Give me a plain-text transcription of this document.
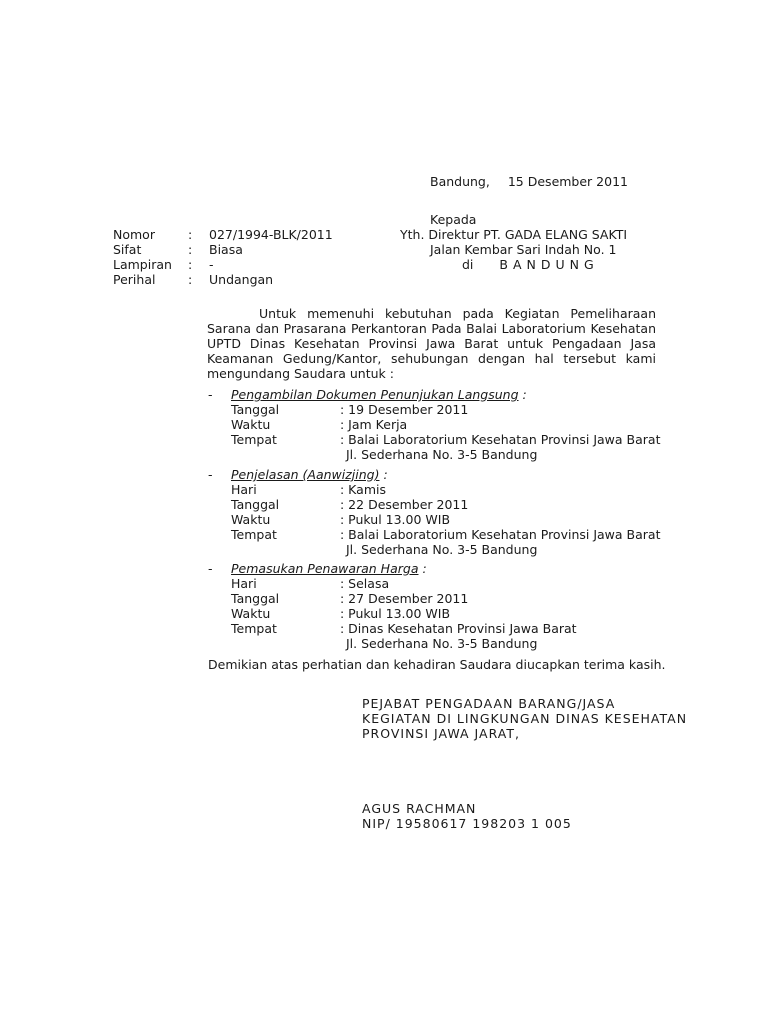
Bandung, 15 Desember 2011
Kepada
Yth. Direktur PT. GADA ELANG SAKTI
Jalan Kembar Sari Indah No. 1
di BANDUNG
Nomor	:	027/1994-BLK/2011
Sifat	:	Biasa
Lampiran	:	-
Perihal	:	Undangan
Untuk memenuhi kebutuhan pada Kegiatan Pemeliharaan Sarana dan Prasarana Perkantoran Pada Balai Laboratorium Kesehatan UPTD Dinas Kesehatan Provinsi Jawa Barat untuk Pengadaan Jasa Keamanan Gedung/Kantor, sehubungan dengan hal tersebut kami mengundang Saudara untuk :
-	Pengambilan Dokumen Penunjukan Langsung :
Tanggal	: 19 Desember 2011
Waktu	: Jam Kerja
Tempat	: Balai Laboratorium Kesehatan Provinsi Jawa Barat
Jl. Sederhana No. 3-5 Bandung
-	Penjelasan (Aanwizjing) :
Hari	: Kamis
Tanggal	: 22 Desember 2011
Waktu	: Pukul 13.00 WIB
Tempat	: Balai Laboratorium Kesehatan Provinsi Jawa Barat
Jl. Sederhana No. 3-5 Bandung
-	Pemasukan Penawaran Harga :
Hari	: Selasa
Tanggal	: 27 Desember 2011
Waktu	: Pukul 13.00 WIB
Tempat	: Dinas Kesehatan Provinsi Jawa Barat
Jl. Sederhana No. 3-5 Bandung
Demikian atas perhatian dan kehadiran Saudara diucapkan terima kasih.
PEJABAT PENGADAAN BARANG/JASA
KEGIATAN DI LINGKUNGAN DINAS KESEHATAN
PROVINSI JAWA JARAT,
AGUS RACHMAN
NIP/ 19580617 198203 1 005
